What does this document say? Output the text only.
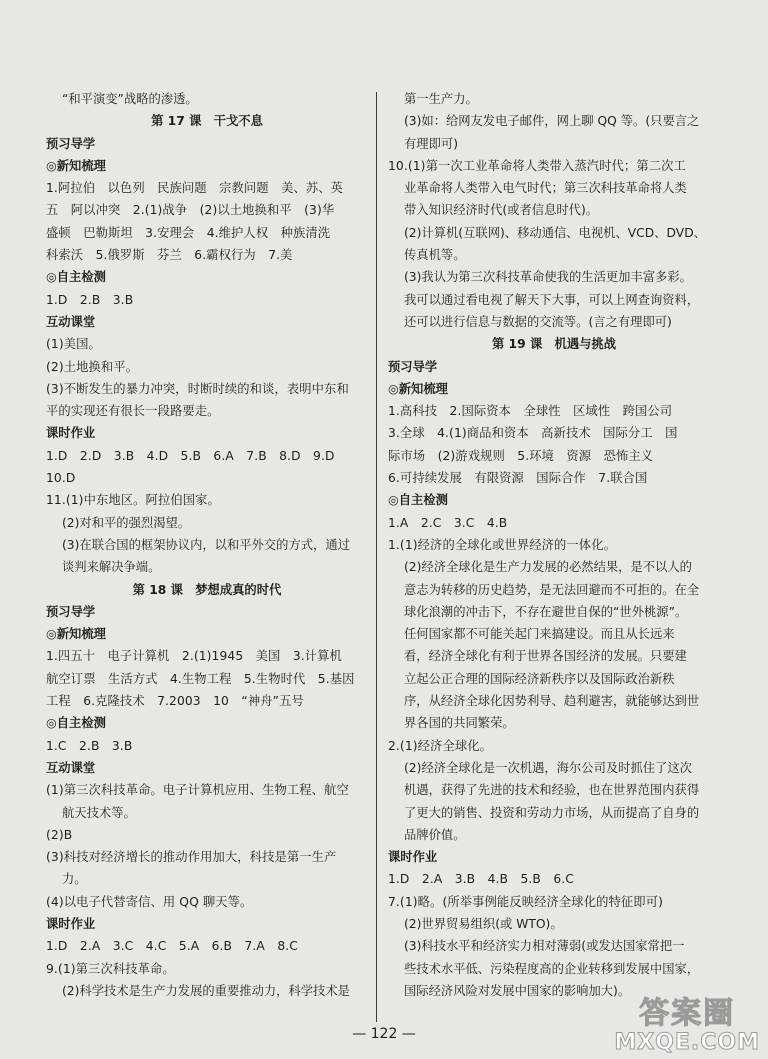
“和平演变”战略的渗透。
第 17 课　干戈不息
预习导学
◎新知梳理
1.阿拉伯　以色列　民族问题　宗教问题　美、苏、英
五　阿以冲突　2.(1)战争　(2)以土地换和平　(3)华
盛顿　巴勒斯坦　3.安理会　4.维护人权　种族清洗
科索沃　5.俄罗斯　芬兰　6.霸权行为　7.美
◎自主检测
1.D　2.B　3.B
互动课堂
(1)美国。
(2)土地换和平。
(3)不断发生的暴力冲突，时断时续的和谈，表明中东和
平的实现还有很长一段路要走。
课时作业
1.D　2.D　3.B　4.D　5.B　6.A　7.B　8.D　9.D
10.D
11.(1)中东地区。阿拉伯国家。
(2)对和平的强烈渴望。
(3)在联合国的框架协议内，以和平外交的方式，通过
谈判来解决争端。
第 18 课　梦想成真的时代
预习导学
◎新知梳理
1.四五十　电子计算机　2.(1)1945　美国　3.计算机
航空订票　生活方式　4.生物工程　5.生物时代　5.基因
工程　6.克隆技术　7.2003　10　“神舟”五号
◎自主检测
1.C　2.B　3.B
互动课堂
(1)第三次科技革命。电子计算机应用、生物工程、航空
航天技术等。
(2)B
(3)科技对经济增长的推动作用加大，科技是第一生产
力。
(4)以电子代替寄信、用 QQ 聊天等。
课时作业
1.D　2.A　3.C　4.C　5.A　6.B　7.A　8.C
9.(1)第三次科技革命。
(2)科学技术是生产力发展的重要推动力，科学技术是
第一生产力。
(3)如：给网友发电子邮件，网上聊 QQ 等。(只要言之
有理即可)
10.(1)第一次工业革命将人类带入蒸汽时代；第二次工
业革命将人类带入电气时代；第三次科技革命将人类
带入知识经济时代(或者信息时代)。
(2)计算机(互联网)、移动通信、电视机、VCD、DVD、
传真机等。
(3)我认为第三次科技革命使我的生活更加丰富多彩。
我可以通过看电视了解天下大事，可以上网查询资料，
还可以进行信息与数据的交流等。(言之有理即可)
第 19 课　机遇与挑战
预习导学
◎新知梳理
1.高科技　2.国际资本　全球性　区域性　跨国公司
3.全球　4.(1)商品和资本　高新技术　国际分工　国
际市场　(2)游戏规则　5.环境　资源　恐怖主义
6.可持续发展　有限资源　国际合作　7.联合国
◎自主检测
1.A　2.C　3.C　4.B
1.(1)经济的全球化或世界经济的一体化。
(2)经济全球化是生产力发展的必然结果，是不以人的
意志为转移的历史趋势，是无法回避而不可拒的。在全
球化浪潮的冲击下，不存在避世自保的“世外桃源”。
任何国家都不可能关起门来搞建设。而且从长远来
看，经济全球化有利于世界各国经济的发展。只要建
立起公正合理的国际经济新秩序以及国际政治新秩
序，从经济全球化因势利导、趋利避害，就能够达到世
界各国的共同繁荣。
2.(1)经济全球化。
(2)经济全球化是一次机遇，海尔公司及时抓住了这次
机遇，获得了先进的技术和经验，也在世界范围内获得
了更大的销售、投资和劳动力市场，从而提高了自身的
品牌价值。
课时作业
1.D　2.A　3.B　4.B　5.B　6.C
7.(1)略。(所举事例能反映经济全球化的特征即可)
(2)世界贸易组织(或 WTO)。
(3)科技水平和经济实力相对薄弱(或发达国家常把一
些技术水平低、污染程度高的企业转移到发展中国家，
国际经济风险对发展中国家的影响加大)。
— 122 —
答案圈
MXQE.COM
